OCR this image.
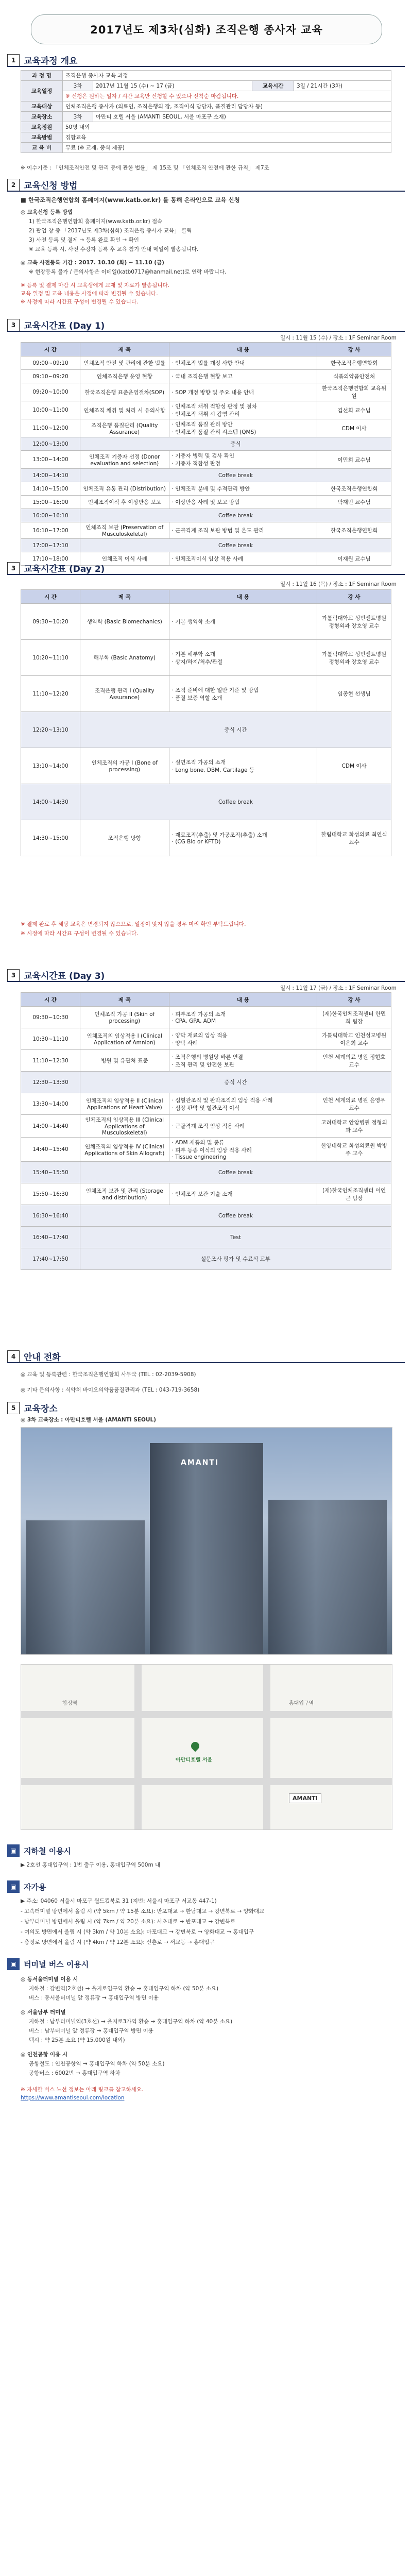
2017년도 제3차(심화) 조직은행 종사자 교육
1 교육과정 개요
과 정 명	조직은행 종사자 교육 과정			
교육일정	3차	2017년 11월 15 (수) ~ 17 (금)	교육시간	3일 / 21시간 (3차)
	※ 신청은 원하는 일자 / 시간 교육만 신청할 수 있으나 선착순 마감됩니다.			
교육대상	인체조직은행 종사자 (의료인, 조직은행의 장, 조직이식 담당자, 품질관리 담당자 등)			
교육장소	3차	아만티 호텔 서울 (AMANTI SEOUL, 서울 마포구 소재)		
교육정원	50명 내외			
교육방법	집합교육			
교 육 비	무료 (※ 교재, 중식 제공)			
※ 이수기준 : 「인체조직안전 및 관리 등에 관한 법률」 제 15조 및 「인체조직 안전에 관한 규칙」 제7조
2 교육신청 방법
■ 한국조직은행연합회 홈페이지(www.katb.or.kr) 를 통해 온라인으로 교육 신청
◎ 교육신청 등록 방법
1) 한국조직은행연합회 홈페이지(www.katb.or.kr) 접속
2) 팝업 창 중 「2017년도 제3차(심화) 조직은행 종사자 교육」 클릭
3) 사전 등록 및 결제 → 등록 완료 확인 → 확인
※ 교육 등록 시, 사전 수강자 등록 후 교육 참가 안내 메일이 발송됩니다.
◎ 교육 사전등록 기간 : 2017. 10.10 (화) ~ 11.10 (금)
※ 현장등록 불가 / 문의사항은 이메일(katb0717@hanmail.net)로 연락 바랍니다.
※ 등록 및 결제 마감 시 교육생에게 교재 및 자료가 발송됩니다.
교육 일정 및 교육 내용은 사정에 따라 변경될 수 있습니다.
※ 사정에 따라 시간표 구성이 변경될 수 있습니다.
3 교육시간표 (Day 1)
일시 : 11월 15 (수) / 장소 : 1F Seminar Room
시 간	제 목	내 용	강 사
09:00~09:10	인체조직 안전 및 관리에 관한 법률	· 인체조직 법률 개정 사항 안내	한국조직은행연합회
09:10~09:20	인체조직은행 운영 현황	· 국내 조직은행 현황 보고	식품의약품안전처
09:20~10:00	한국조직은행 표준운영절차(SOP)	· SOP 개정 방향 및 주요 내용 안내	한국조직은행연합회 교육위원
10:00~11:00	인체조직 채취 및 처리 시 유의사항	· 인체조직 채취 적합성 판정 및 절차
· 인체조직 채취 시 감염 관리	김선희 교수님
11:00~12:00	조직은행 품질관리 (Quality Assurance)	· 인체조직 품질 관리 방안
· 인체조직 품질 관리 시스템 (QMS)	CDM 이사
12:00~13:00	중식		
13:00~14:00	인체조직 기증자 선정 (Donor evaluation and selection)	· 기증자 병력 및 검사 확인
· 기증자 적합성 판정	이민희 교수님
14:00~14:10	Coffee break		
14:10~15:00	인체조직 유통 관리 (Distribution)	· 인체조직 분배 및 추적관리 방안	한국조직은행연합회
15:00~16:00	인체조직이식 후 이상반응 보고	· 이상반응 사례 및 보고 방법	박재민 교수님
16:00~16:10	Coffee break		
16:10~17:00	인체조직 보관 (Preservation of Musculoskeletal)	· 근골격계 조직 보관 방법 및 온도 관리	한국조직은행연합회
17:00~17:10	Coffee break		
17:10~18:00	인체조직 이식 사례	· 인체조직이식 임상 적용 사례	이재원 교수님
3 교육시간표 (Day 2)
일시 : 11월 16 (목) / 장소 : 1F Seminar Room
시 간	제 목	내 용	강 사
09:30~10:20	생약학 (Basic Biomechanics)	· 기본 생역학 소개	가톨릭대학교 성빈센트병원 정형외과 장호영 교수
10:20~11:10	해부학 (Basic Anatomy)	· 기본 해부학 소개
· 상지/하지/척추/관절	가톨릭대학교 성빈센트병원 정형외과 장호영 교수
11:10~12:20	조직은행 관리 I (Quality Assurance)	· 조직 준비에 대한 일반 기준 및 방법
· 품질 보증 역할 소개	임종현 선생님
12:20~13:10	중식 시간		
13:10~14:00	인체조직의 가공 I (Bone of processing)	· 실연조직 가공의 소개
· Long bone, DBM, Cartilage 등	CDM 이사
14:00~14:30	Coffee break		
14:30~15:00	조직은행 방향	· 재료조직(추출) 및 가공조직(추출) 소개
· (CG Bio or KFTD)	한림대학교 화성의료 최연식 교수
※ 결제 완료 후 해당 교육은 변경되지 않으므로, 일정이 맞지 않을 경우 미리 확인 부탁드립니다.
※ 시정에 따라 시간표 구성이 변경될 수 있습니다.
3 교육시간표 (Day 3)
일시 : 11월 17 (금) / 장소 : 1F Seminar Room
시 간	제 목	내 용	강 사
09:30~10:30	인체조직 가공 II (Skin of processing)	· 피부조직 가공의 소개
· CPA, GPA, ADM	(재)한국인체조직센터 한민희 팀장
10:30~11:10	인체조직의 임상적용 I (Clinical Application of Amnion)	· 양막 재료의 임상 적용
· 양막 사례	가톨릭대학교 인천성모병원 이은희 교수
11:10~12:30	병원 및 유관처 표준	· 조직은행의 병원당 바른 연결
· 조직 관리 및 안전한 보관	인천 세계의료 병원 정현호 교수
12:30~13:30	중식 시간		
13:30~14:00	인체조직의 임상적용 II (Clinical Applications of Heart Valve)	· 심혈관조직 및 판막조직의 임상 적용 사례
· 심장 판막 및 혈관조직 이식	인천 세계의료 병원 윤영우 교수
14:00~14:40	인체조직의 임상적용 III (Clinical Applications of Musculoskeletal)	· 근골격계 조직 임상 적용 사례	고려대학교 안암병원 정형외과 교수
14:40~15:40	인체조직의 임상적용 IV (Clinical Applications of Skin Allograft)	· ADM 제품의 및 종류
· 피부 동종 이식의 임상 적용 사례
· Tissue engineering	한양대학교 화성의료원 박병주 교수
15:40~15:50	Coffee break		
15:50~16:30	인체조직 보관 및 관리 (Storage and distribution)	· 인체조직 보관 기술 소개	(재)한국인체조직센터 이연근 팀장
16:30~16:40	Coffee break		
16:40~17:40	Test		
17:40~17:50	설문조사 평가 및 수료식 교부		
4 안내 전화
◎ 교육 및 등록관련 : 한국조직은행연합회 사무국 (TEL : 02-2039-5908)
◎ 기타 문의사항 : 식약처 바이오의약품품질관리과 (TEL : 043-719-3658)
5 교육장소
◎ 3차 교육장소 : 아만티호텔 서울 (AMANTI SEOUL)
AMANTI
합정역	홍대입구역
아만티호텔 서울
AMANTI
▣ 지하철 이용시
▶ 2호선 홍대입구역 : 1번 출구 이용, 홍대입구역 500m 내
▣ 자가용
▶ 주소: 04060 서울시 마포구 월드컵북로 31 (지번: 서울시 마포구 서교동 447-1)
- 고속터미널 방면에서 올림 시 (약 5km / 약 15분 소요): 반포대교 → 한남대교 → 강변북로 → 양화대교
- 남부터미널 방면에서 올림 시 (약 7km / 약 20분 소요): 서초대로 → 반포대교 → 강변북로
- 여의도 방면에서 올림 시 (약 3km / 약 10분 소요): 마포대교 → 강변북로 → 양화대교 → 홍대입구
- 충정로 방면에서 올림 시 (약 4km / 약 12분 소요): 신촌로 → 서교동 → 홍대입구
▣ 터미널 버스 이용시
◎ 동서울터미널 이용 시
지하철 : 강변역(2호선) → 을지로입구역 환승 → 홍대입구역 하차 (약 50분 소요)
버스 : 동서울터미널 앞 정류장 → 홍대입구역 방면 이용
◎ 서울남부 터미널
지하철 : 남부터미널역(3호선) → 을지로3가역 환승 → 홍대입구역 하차 (약 40분 소요)
버스 : 남부터미널 앞 정류장 → 홍대입구역 방면 이용
택시 : 약 25분 소요 (약 15,000원 내외)
◎ 인천공항 이용 시
공항철도 : 인천공항역 → 홍대입구역 하차 (약 50분 소요)
공항버스 : 6002번 → 홍대입구역 하차
※ 자세한 버스 노선 정보는 아래 링크를 참고하세요.
https://www.amantiseoul.com/location
